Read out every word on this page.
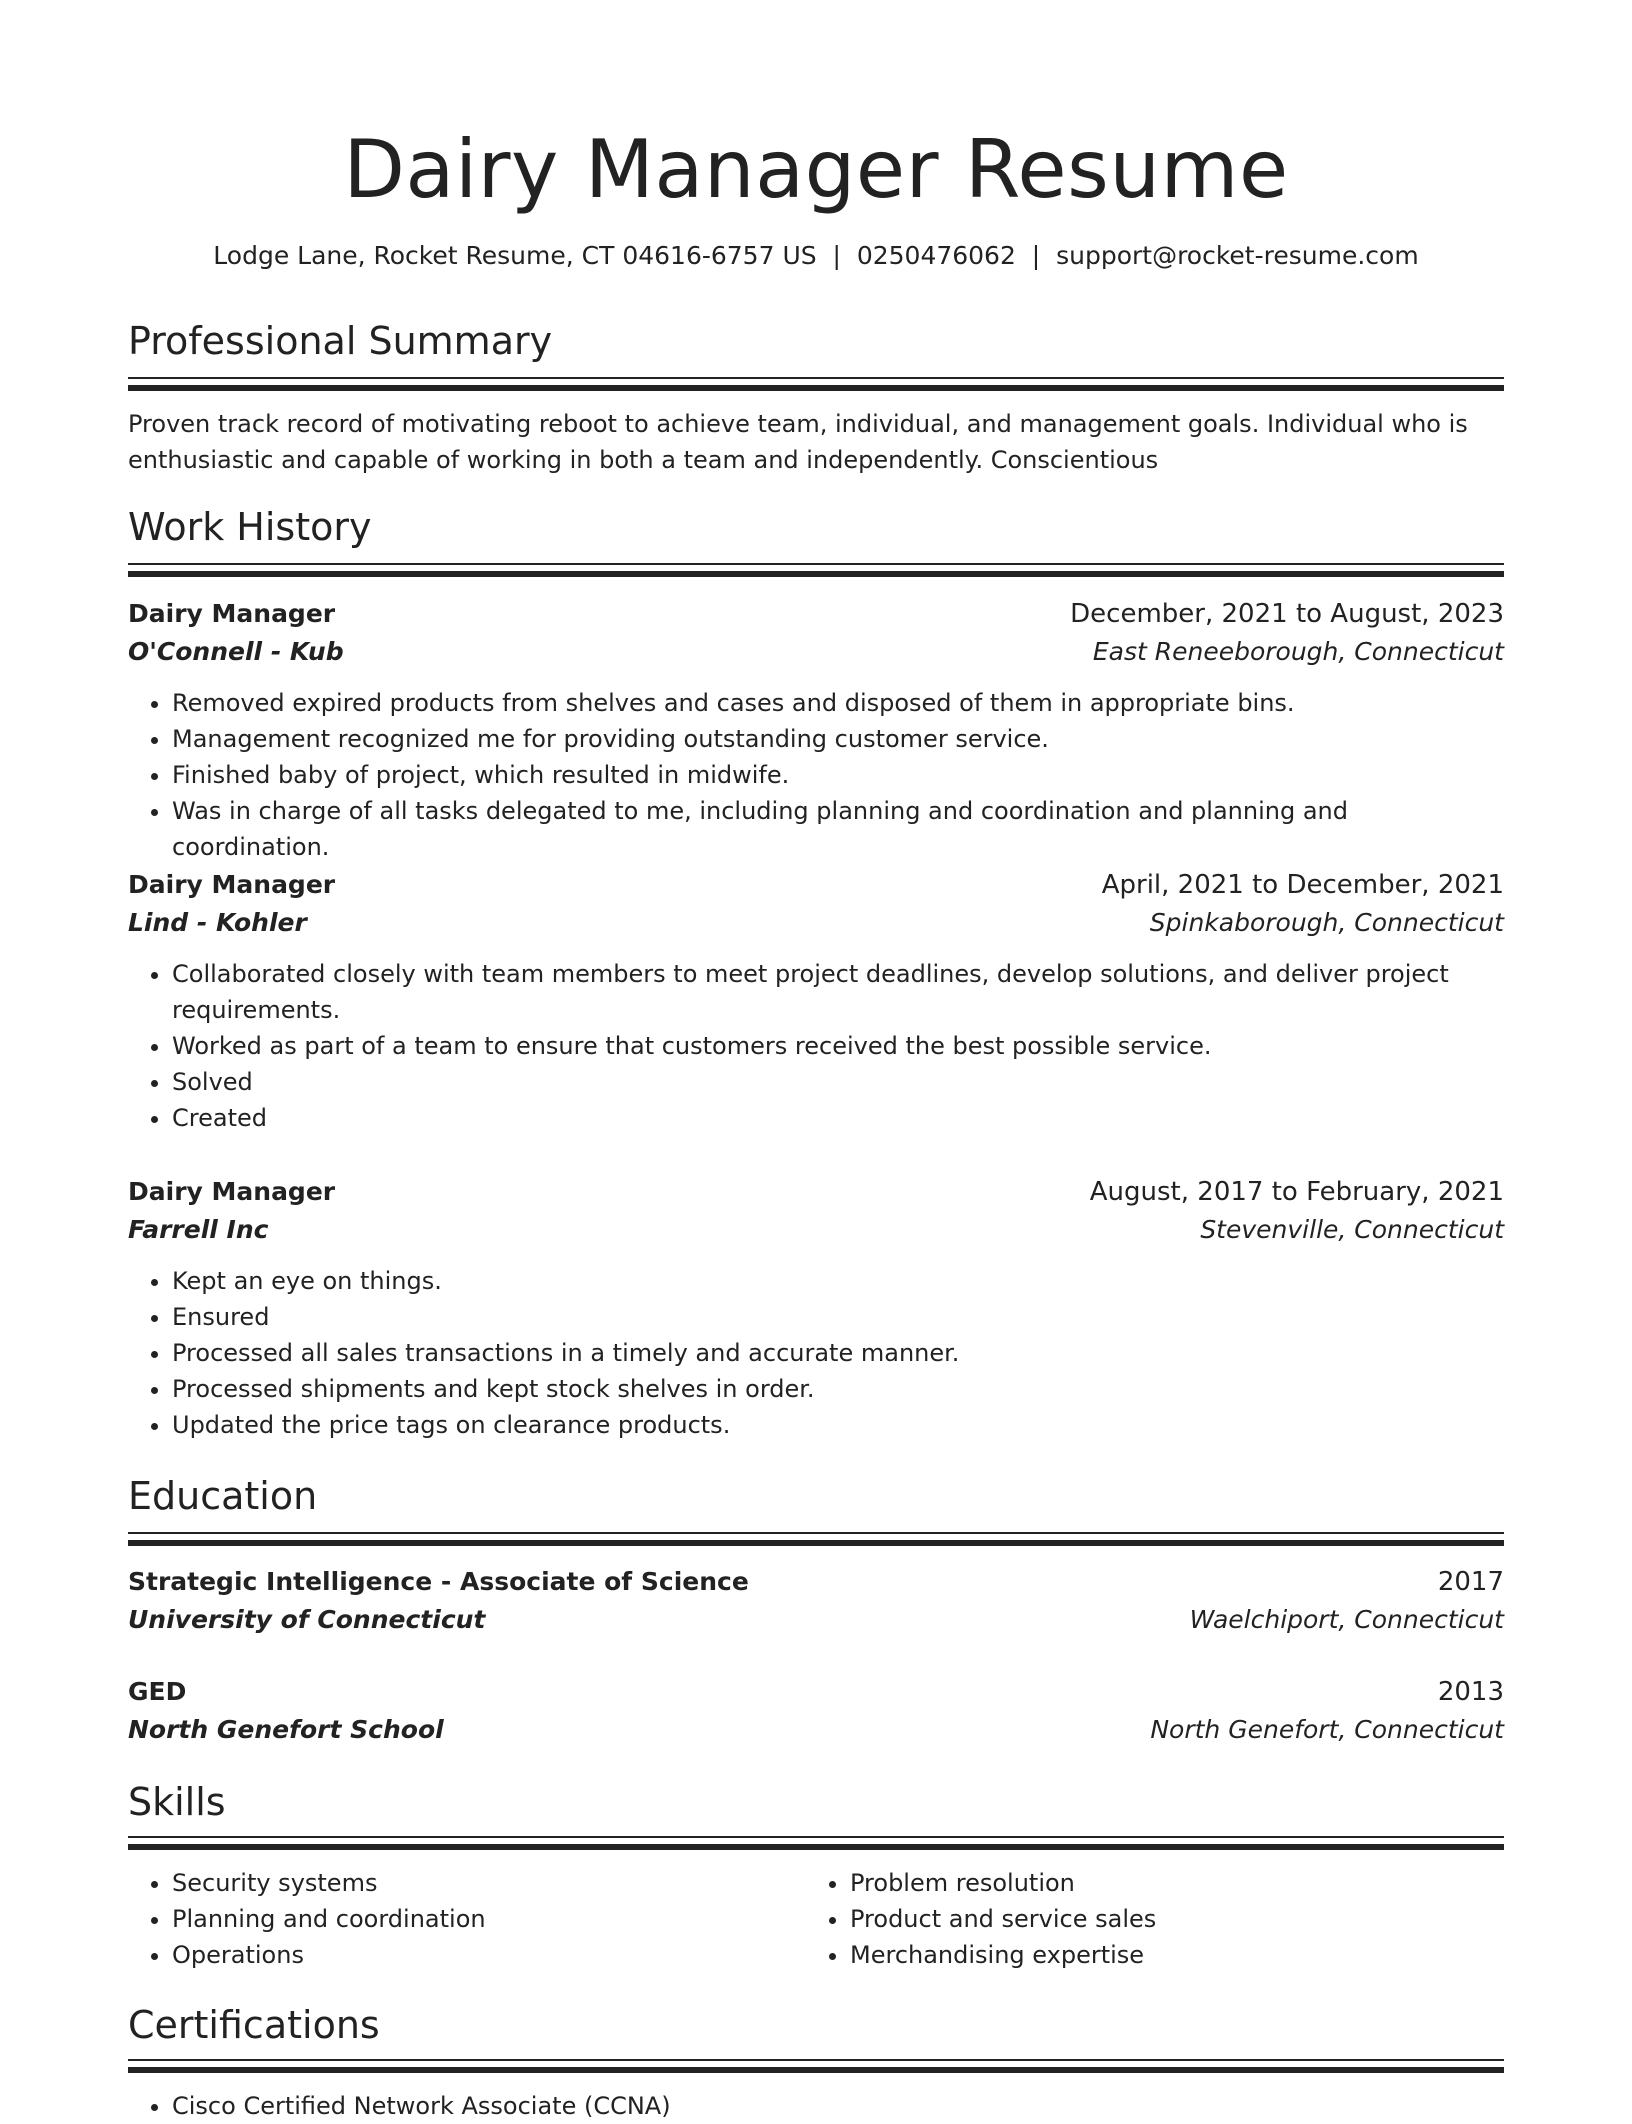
Dairy Manager Resume
Lodge Lane, Rocket Resume, CT 04616-6757 US  |  0250476062  |  support@rocket-resume.com
Professional Summary

Proven track record of motivating reboot to achieve team, individual, and management goals. Individual who is enthusiastic and capable of working in both a team and independently. Conscientious

Work History
Dairy Manager	December, 2021 to August, 2023
O'Connell - Kub	East Reneeborough, Connecticut
• Removed expired products from shelves and cases and disposed of them in appropriate bins.
• Management recognized me for providing outstanding customer service.
• Finished baby of project, which resulted in midwife.
• Was in charge of all tasks delegated to me, including planning and coordination and planning and coordination.
Dairy Manager	April, 2021 to December, 2021
Lind - Kohler	Spinkaborough, Connecticut
• Collaborated closely with team members to meet project deadlines, develop solutions, and deliver project requirements.
• Worked as part of a team to ensure that customers received the best possible service.
• Solved
• Created
Dairy Manager	August, 2017 to February, 2021
Farrell Inc	Stevenville, Connecticut
• Kept an eye on things.
• Ensured
• Processed all sales transactions in a timely and accurate manner.
• Processed shipments and kept stock shelves in order.
• Updated the price tags on clearance products.
Education
Strategic Intelligence - Associate of Science	2017
University of Connecticut	Waelchiport, Connecticut
GED	2013
North Genefort School	North Genefort, Connecticut
Skills
• Security systems
• Planning and coordination
• Operations
• Problem resolution
• Product and service sales
• Merchandising expertise
Certifications
• Cisco Certified Network Associate (CCNA)
